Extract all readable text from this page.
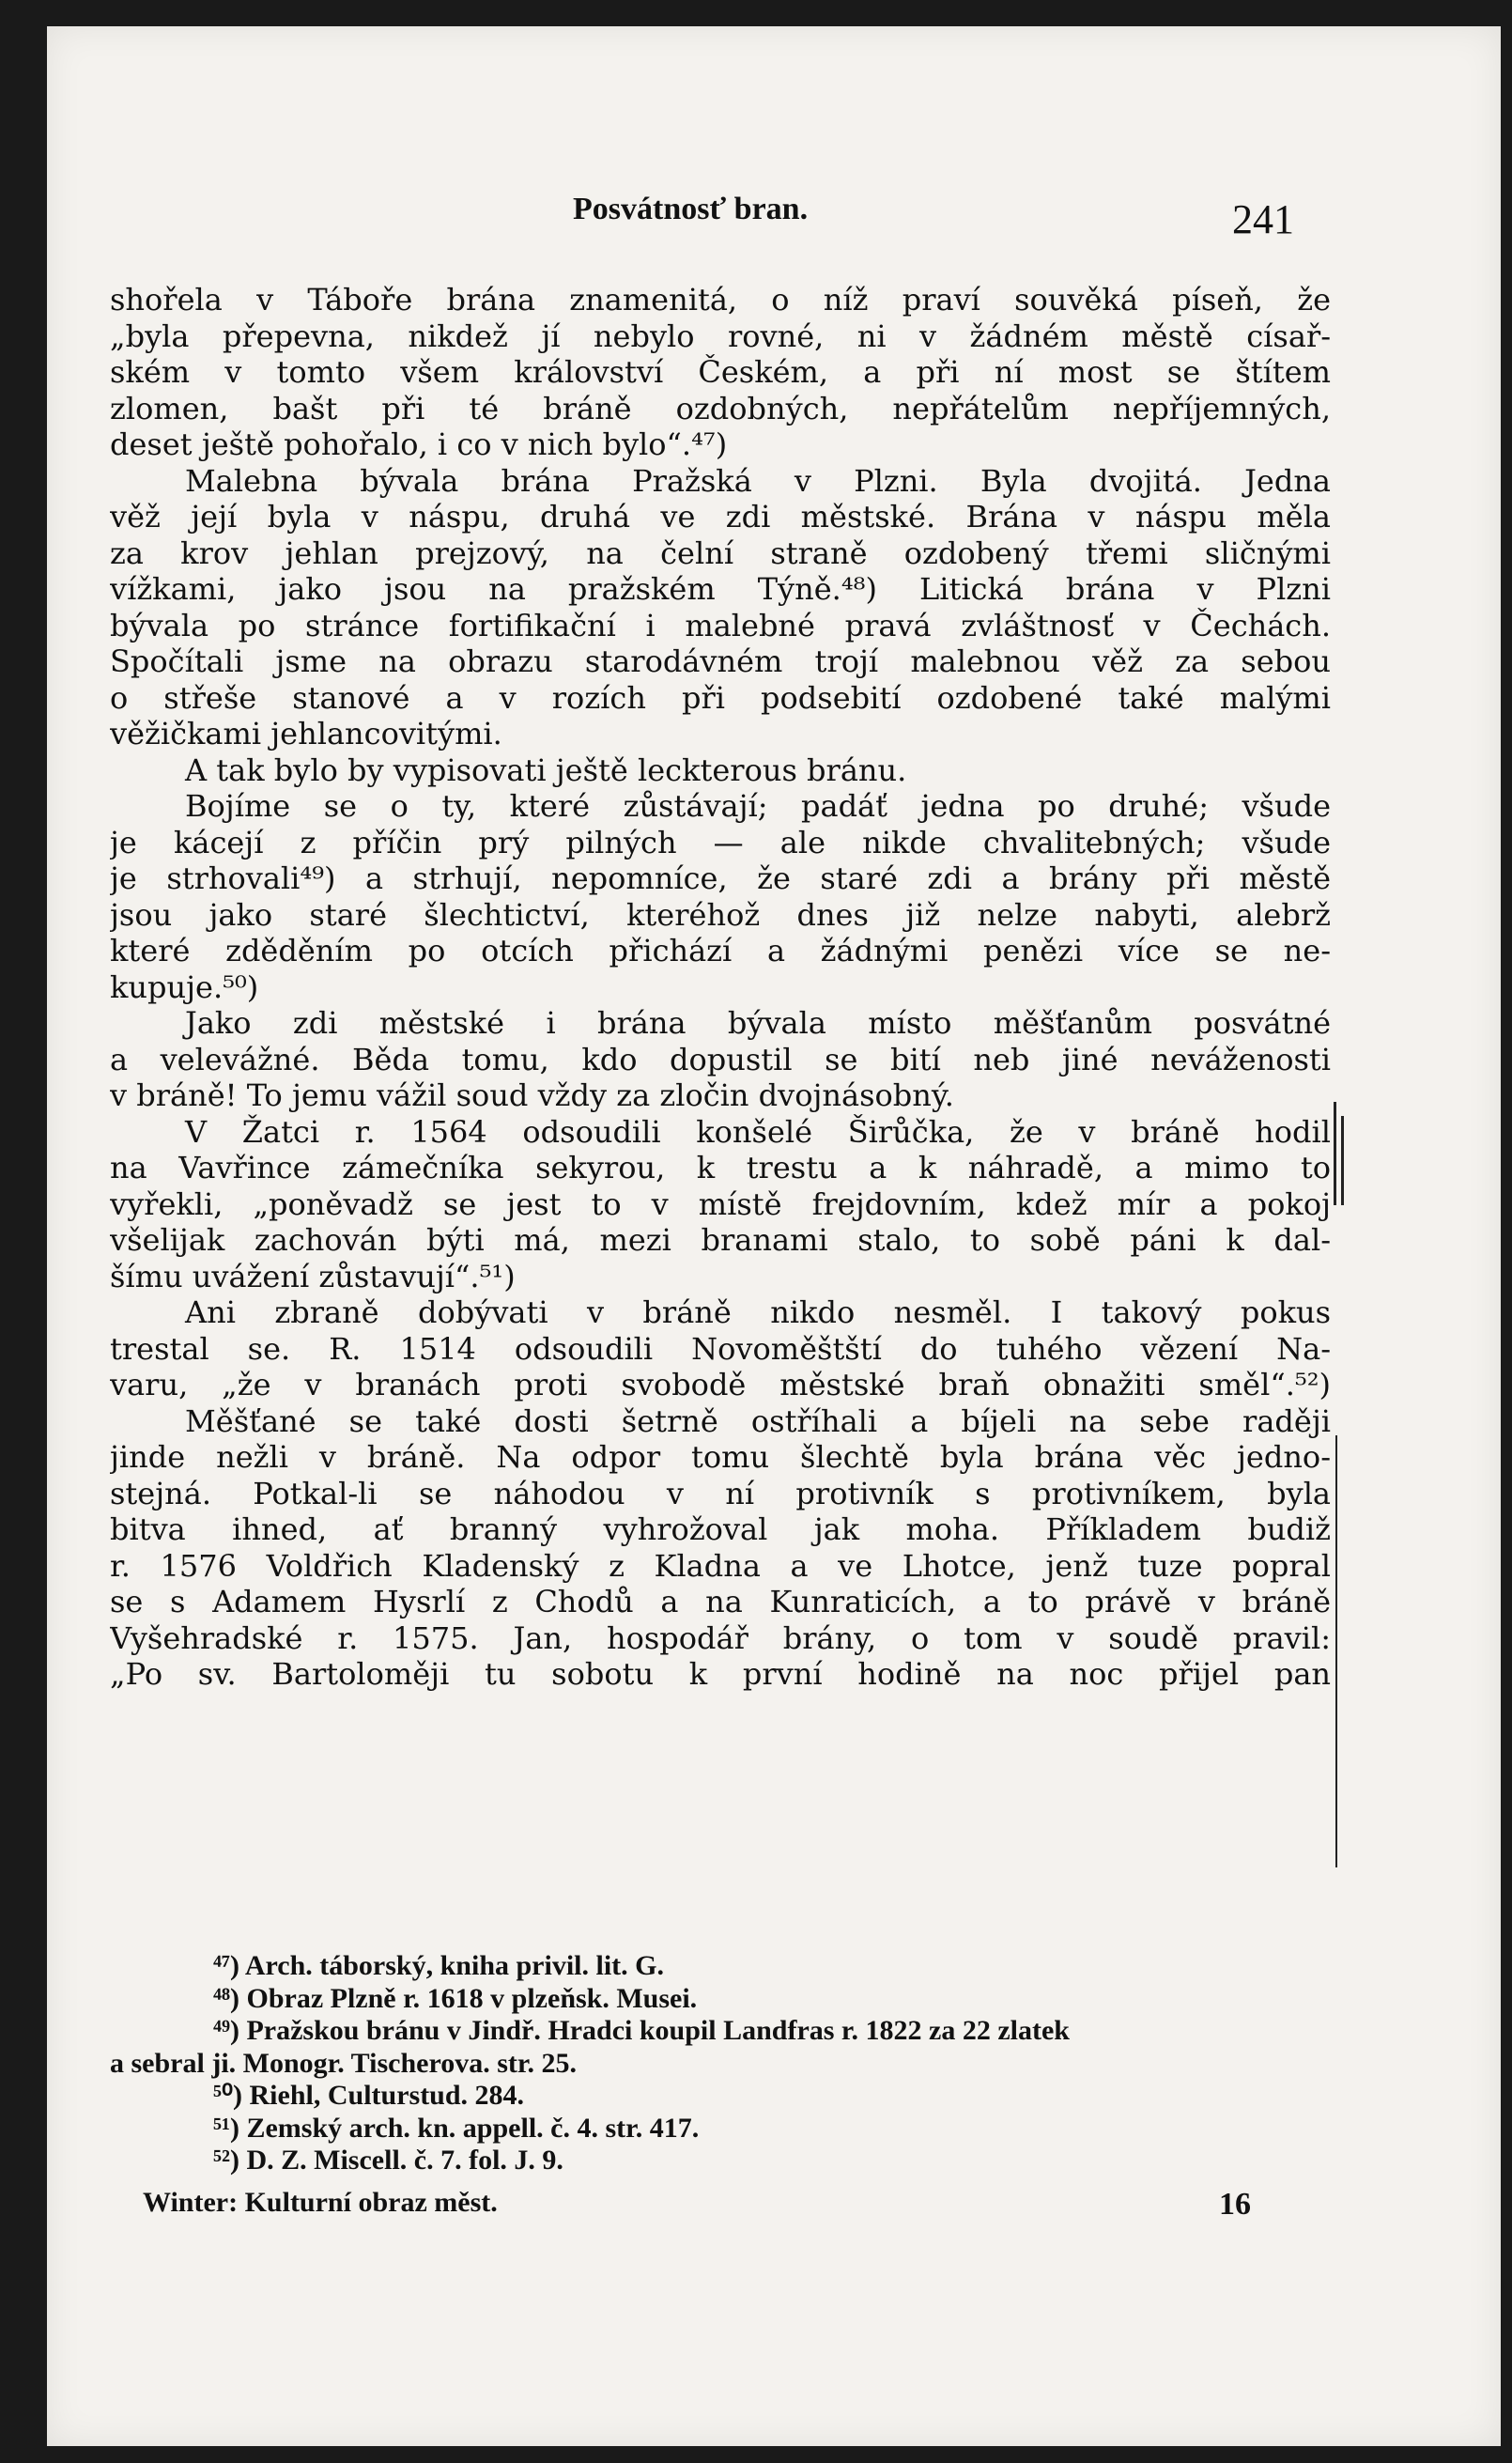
Posvátnosť bran.	241
shořela v Táboře brána znamenitá, o níž praví souvěká píseň, že
„byla přepevna, nikdež jí nebylo rovné, ni v žádném městě císař-
ském v tomto všem království Českém, a při ní most se štítem
zlomen, bašt při té bráně ozdobných, nepřátelům nepříjemných,
deset ještě pohořalo, i co v nich bylo“.⁴⁷)
Malebna bývala brána Pražská v Plzni. Byla dvojitá. Jedna
věž její byla v náspu, druhá ve zdi městské. Brána v náspu měla
za krov jehlan prejzový, na čelní straně ozdobený třemi sličnými
vížkami, jako jsou na pražském Týně.⁴⁸) Litická brána v Plzni
bývala po stránce fortifikační i malebné pravá zvláštnosť v Čechách.
Spočítali jsme na obrazu starodávném trojí malebnou věž za sebou
o střeše stanové a v rozích při podsebití ozdobené také malými
věžičkami jehlancovitými.
A tak bylo by vypisovati ještě leckterous bránu.
Bojíme se o ty, které zůstávají; padáť jedna po druhé; všude
je kácejí z příčin prý pilných — ale nikde chvalitebných; všude
je strhovali⁴⁹) a strhují, nepomníce, že staré zdi a brány při městě
jsou jako staré šlechtictví, kteréhož dnes již nelze nabyti, alebrž
které zděděním po otcích přichází a žádnými penězi více se ne-
kupuje.⁵⁰)
Jako zdi městské i brána bývala místo měšťanům posvátné
a velevážné. Běda tomu, kdo dopustil se bití neb jiné neváženosti
v bráně! To jemu vážil soud vždy za zločin dvojnásobný.
V Žatci r. 1564 odsoudili konšelé Širůčka, že v bráně hodil
na Vavřince zámečníka sekyrou, k trestu a k náhradě, a mimo to
vyřekli, „poněvadž se jest to v místě frejdovním, kdež mír a pokoj
všelijak zachován býti má, mezi branami stalo, to sobě páni k dal-
šímu uvážení zůstavují“.⁵¹)
Ani zbraně dobývati v bráně nikdo nesměl. I takový pokus
trestal se. R. 1514 odsoudili Novoměštští do tuhého vězení Na-
varu, „že v branách proti svobodě městské braň obnažiti směl“.⁵²)
Měšťané se také dosti šetrně ostříhali a bíjeli na sebe raději
jinde nežli v bráně. Na odpor tomu šlechtě byla brána věc jedno-
stejná. Potkal-li se náhodou v ní protivník s protivníkem, byla
bitva ihned, ať branný vyhrožoval jak moha. Příkladem budiž
r. 1576 Voldřich Kladenský z Kladna a ve Lhotce, jenž tuze popral
se s Adamem Hysrlí z Chodů a na Kunraticích, a to právě v bráně
Vyšehradské r. 1575. Jan, hospodář brány, o tom v soudě pravil:
„Po sv. Bartoloměji tu sobotu k první hodině na noc přijel pan
⁴⁷) Arch. táborský, kniha privil. lit. G.
⁴⁸) Obraz Plzně r. 1618 v plzeňsk. Musei.
⁴⁹) Pražskou bránu v Jindř. Hradci koupil Landfras r. 1822 za 22 zlatek
a sebral ji. Monogr. Tischerova. str. 25.
⁵⁰) Riehl, Culturstud. 284.
⁵¹) Zemský arch. kn. appell. č. 4. str. 417.
⁵²) D. Z. Miscell. č. 7. fol. J. 9.
Winter: Kulturní obraz měst.	16
